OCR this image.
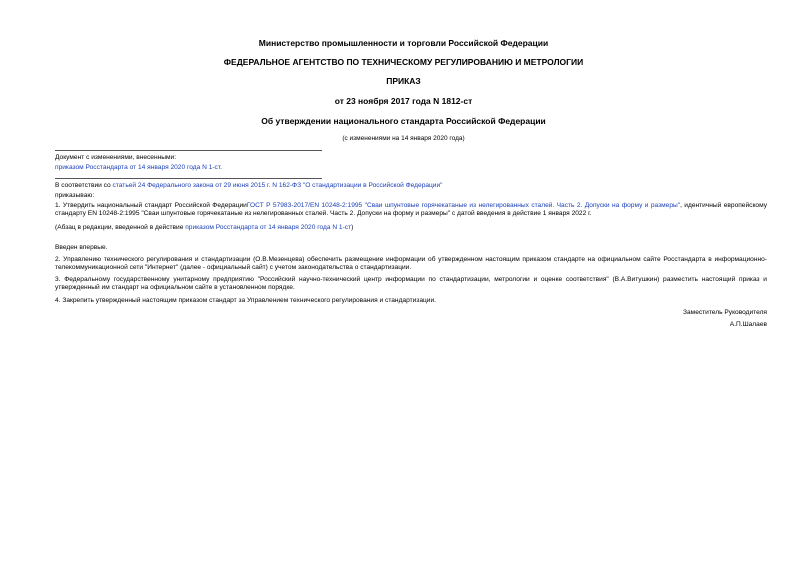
Министерство промышленности и торговли Российской Федерации
ФЕДЕРАЛЬНОЕ АГЕНТСТВО ПО ТЕХНИЧЕСКОМУ РЕГУЛИРОВАНИЮ И МЕТРОЛОГИИ
ПРИКАЗ
от 23 ноября 2017 года N 1812-ст
Об утверждении национального стандарта Российской Федерации
(с изменениями на 14 января 2020 года)
Документ с изменениями, внесенными:
приказом Росстандарта от 14 января 2020 года N 1-ст.
В соответствии со статьей 24 Федерального закона от 29 июня 2015 г. N 162-ФЗ "О стандартизации в Российской Федерации"
приказываю:
1. Утвердить национальный стандарт Российской ФедерацииГОСТ Р 57983-2017/EN 10248-2:1995 "Сваи шпунтовые горячекатаные из нелегированных сталей. Часть 2. Допуски на форму и размеры", идентичный европейскому стандарту EN 10248-2:1995 "Сваи шпунтовые горячекатаные из нелегированных сталей. Часть 2. Допуски на форму и размеры" с датой введения в действие 1 января 2022 г.
(Абзац в редакции, введенной в действие приказом Росстандарта от 14 января 2020 года N 1-ст)
Введен впервые.
2. Управлению технического регулирования и стандартизации (О.В.Мезенцева) обеспечить размещение информации об утвержденном настоящим приказом стандарте на официальном сайте Росстандарта в информационно-телекоммуникационной сети "Интернет" (далее - официальный сайт) с учетом законодательства о стандартизации.
3. Федеральному государственному унитарному предприятию "Российский научно-технический центр информации по стандартизации, метрологии и оценке соответствия" (В.А.Витушкин) разместить настоящий приказ и утвержденный им стандарт на официальном сайте в установленном порядке.
4. Закрепить утвержденный настоящим приказом стандарт за Управлением технического регулирования и стандартизации.
Заместитель Руководителя
А.П.Шалаев
